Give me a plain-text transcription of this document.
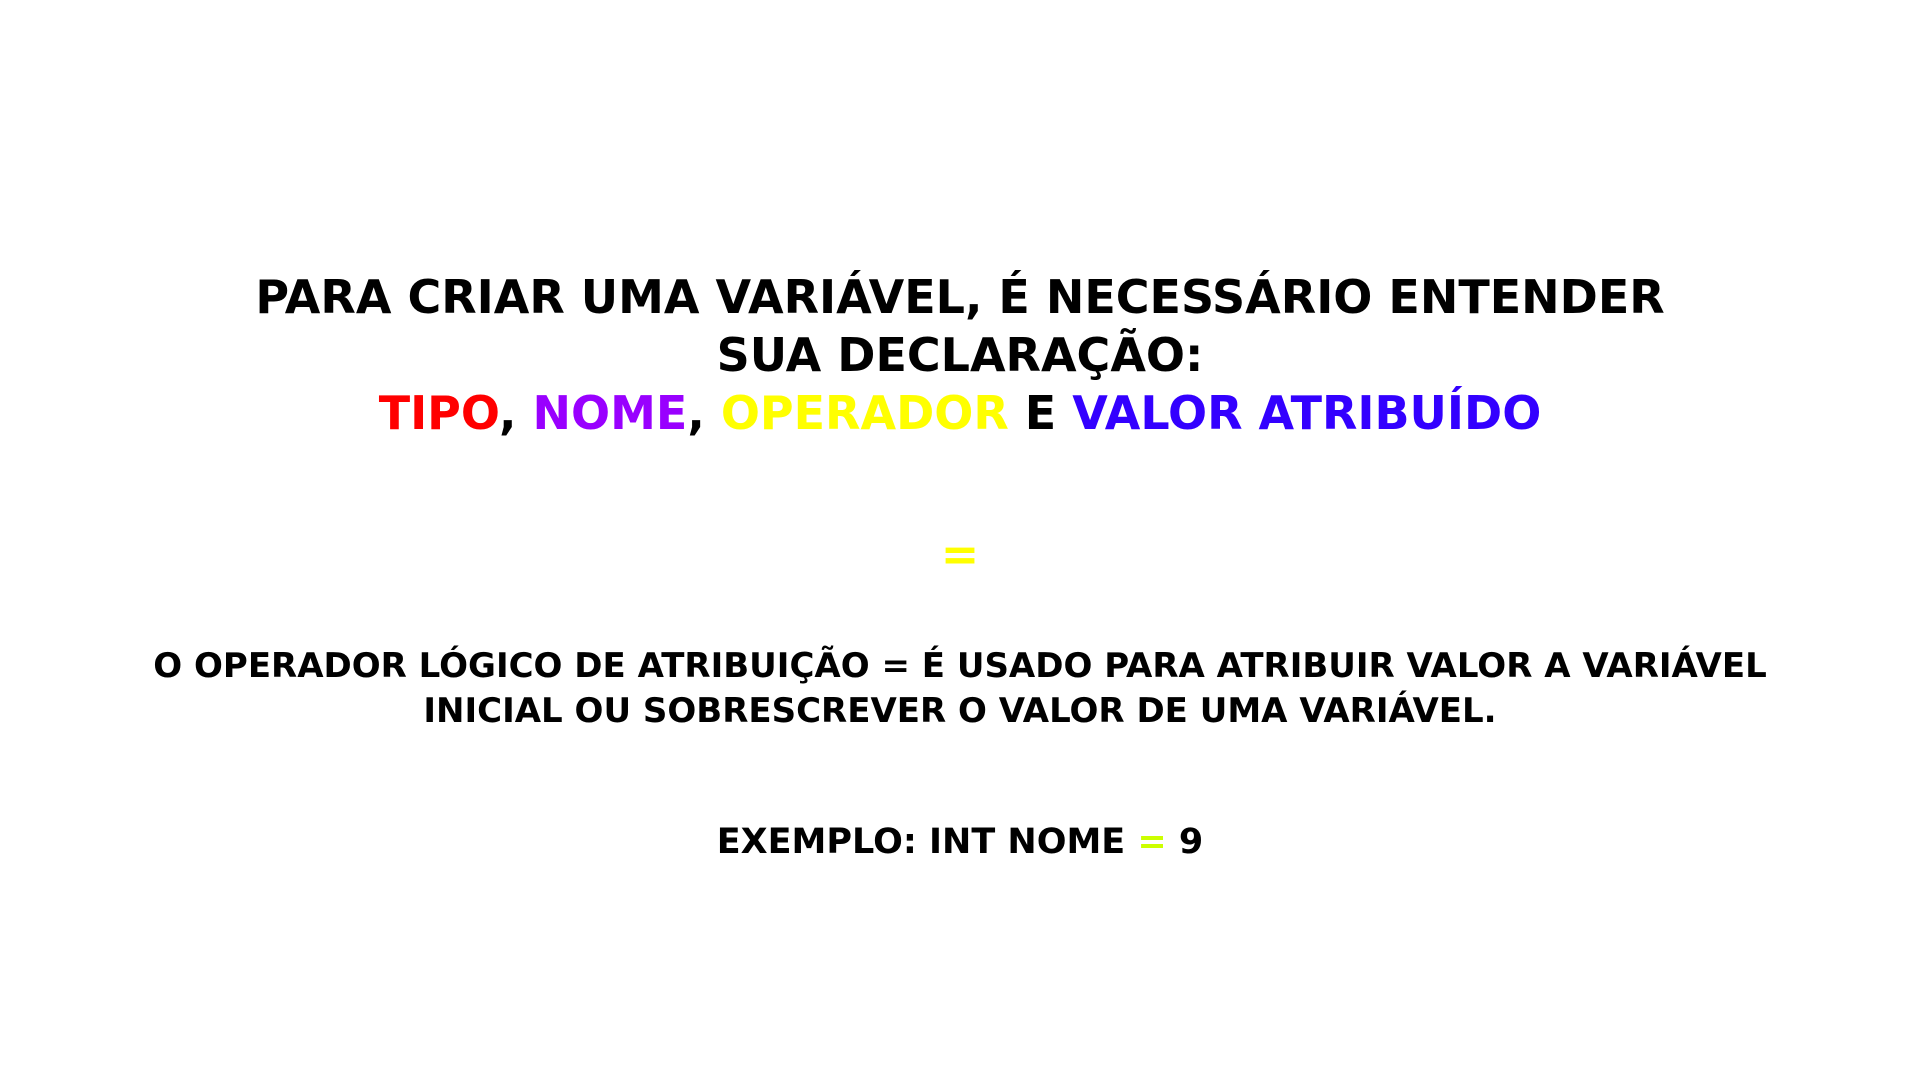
PARA CRIAR UMA VARIÁVEL, É NECESSÁRIO ENTENDER
SUA DECLARAÇÃO:
TIPO, NOME, OPERADOR E VALOR ATRIBUÍDO
=
O OPERADOR LÓGICO DE ATRIBUIÇÃO = É USADO PARA ATRIBUIR VALOR A VARIÁVEL
INICIAL OU SOBRESCREVER O VALOR DE UMA VARIÁVEL.
EXEMPLO: INT NOME = 9
